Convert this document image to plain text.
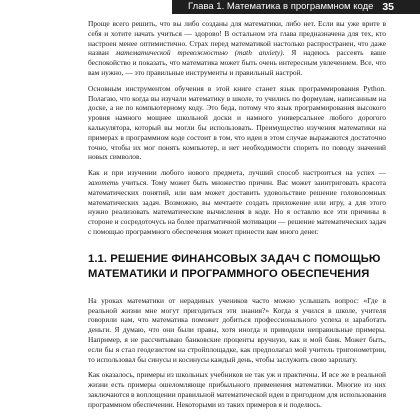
Глава 1. Математика в программном коде 35

Проще всего решить, что вы либо созданы для математики, либо нет. Если вы уже врите в себя и хотите начать учиться — здорово! В остальном эта глава предназначена для тех, кто настроен менее оптимистично. Страх перед математикой настолько распространен, что даже назван математической тревожностью (math anxiety). Я надеюсь рассеять ваше беспокойство и показать, что математика может быть очень интересным увлечением. Все, что вам нужно, — это правильные инструменты и правильный настрой.

Основным инструментом обучения в этой книге станет язык программирования Python. Полагаю, что когда вы изучали математику в школе, то учились по формулам, написанным на доске, а не по компьютерному коду. Это беда, потому что язык программирования высокого уровня намного мощнее школьной доски и намного универсальнее любого дорогого калькулятора, который вы могли бы использовать. Преимущество изучения математики на примерах в программном коде состоит в том, что идеи в этом случае выражаются достаточно точно, чтобы их мог понять компьютер, и нет необходимости спорить по поводу значений новых символов.

Как и при изучении любого нового предмета, лучший способ настроиться на успех — захотеть учиться. Тому может быть множество причин. Вас может заинтриговать красота математических понятий, или вам может доставить удовольствие решение головоломных математических задач. Возможно, вы мечтаете создать приложение или игру, а для этого нужно реализовать математические вычисления в коде. Но я оставлю все эти причины в стороне и сосредоточусь на более прагматичной мотивации — решение математических задач с помощью программного обеспечения может принести вам много денег.

1.1. РЕШЕНИЕ ФИНАНСОВЫХ ЗАДАЧ С ПОМОЩЬЮ МАТЕМАТИКИ И ПРОГРАММНОГО ОБЕСПЕЧЕНИЯ

На уроках математики от нерадивых учеников часто можно услышать вопрос: «Где в реальной жизни мне могут пригодиться эти знания?» Когда я учился в школе, учителя говорили нам, что математика поможет добиться профессионального успеха и заработать деньги. Я думаю, что они были правы, хотя иногда и приводили неправильные примеры. Например, я не рассчитываю банковские проценты вручную, как и мой банк. Может быть, если бы я стал геодезистом на стройплощадке, как предполагал мой учитель тригонометрии, то использовал бы синусы и косинусы каждый день, чтобы заслужить свою зарплату.

Как оказалось, примеры из школьных учебников не так уж и практичны. И все же в реальной жизни есть примеры ошеломляюще прибыльного применения математики. Многие из них заключаются в воплощении правильной математической идеи в пригодном для использования программном обеспечении. Некоторыми из таких примеров я и поделюсь.
